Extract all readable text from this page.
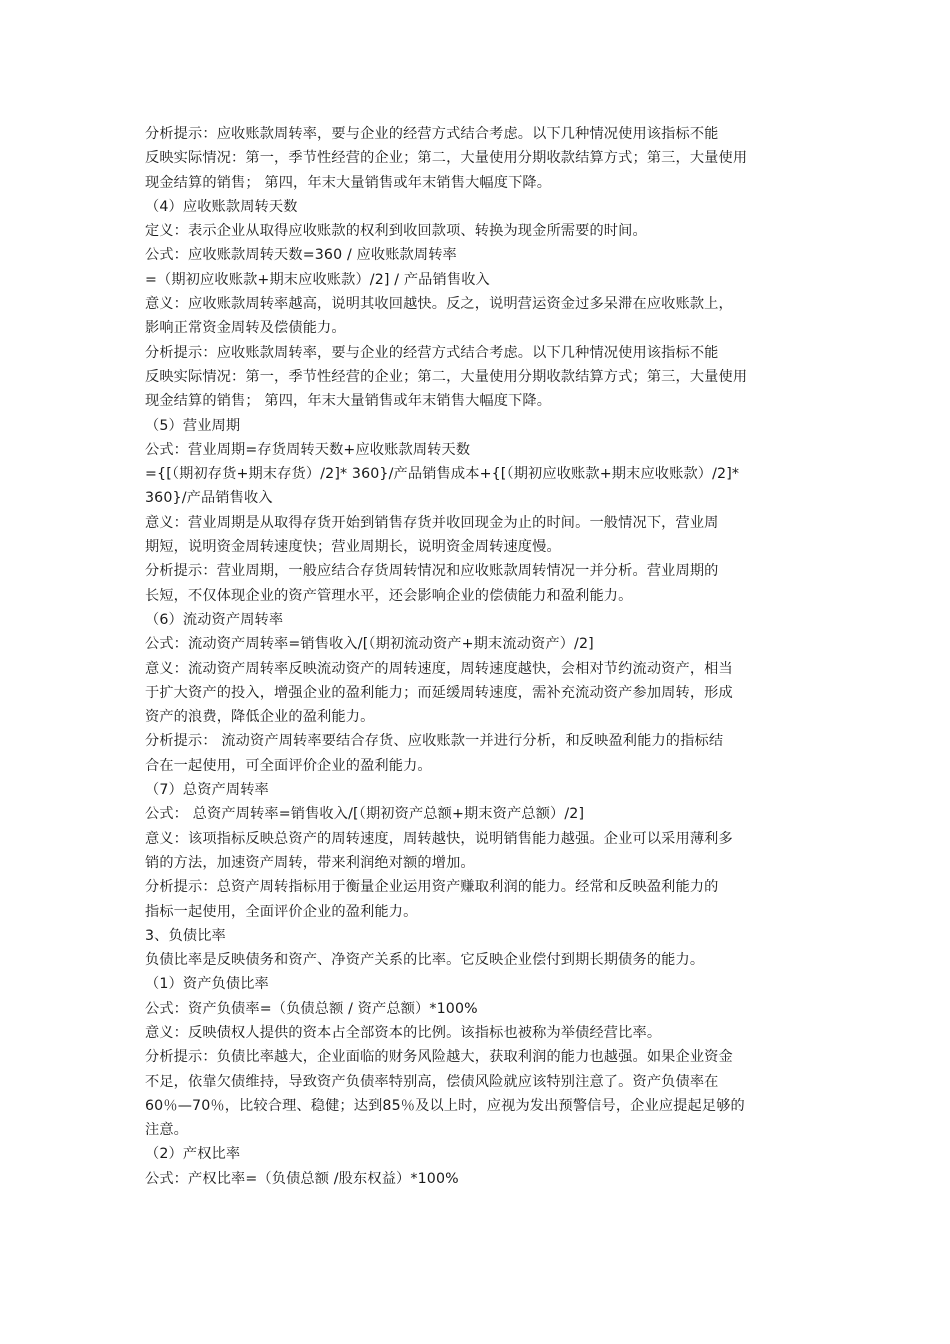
分析提示：应收账款周转率，要与企业的经营方式结合考虑。以下几种情况使用该指标不能
反映实际情况：第一，季节性经营的企业；第二，大量使用分期收款结算方式；第三，大量使用
现金结算的销售； 第四，年末大量销售或年末销售大幅度下降。
（4）应收账款周转天数
定义：表示企业从取得应收账款的权利到收回款项、转换为现金所需要的时间。
公式：应收账款周转天数=360 / 应收账款周转率
=（期初应收账款+期末应收账款）/2] / 产品销售收入
意义：应收账款周转率越高，说明其收回越快。反之，说明营运资金过多呆滞在应收账款上，
影响正常资金周转及偿债能力。
分析提示：应收账款周转率，要与企业的经营方式结合考虑。以下几种情况使用该指标不能
反映实际情况：第一，季节性经营的企业；第二，大量使用分期收款结算方式；第三，大量使用
现金结算的销售； 第四，年末大量销售或年末销售大幅度下降。
（5）营业周期
公式：营业周期=存货周转天数+应收账款周转天数
={[（期初存货+期末存货）/2]* 360}/产品销售成本+{[（期初应收账款+期末应收账款）/2]*
360}/产品销售收入
意义：营业周期是从取得存货开始到销售存货并收回现金为止的时间。一般情况下，营业周
期短，说明资金周转速度快；营业周期长，说明资金周转速度慢。
分析提示：营业周期，一般应结合存货周转情况和应收账款周转情况一并分析。营业周期的
长短，不仅体现企业的资产管理水平，还会影响企业的偿债能力和盈利能力。
（6）流动资产周转率
公式：流动资产周转率=销售收入/[（期初流动资产+期末流动资产）/2]
意义：流动资产周转率反映流动资产的周转速度，周转速度越快，会相对节约流动资产，相当
于扩大资产的投入，增强企业的盈利能力；而延缓周转速度，需补充流动资产参加周转，形成
资产的浪费，降低企业的盈利能力。
分析提示： 流动资产周转率要结合存货、应收账款一并进行分析，和反映盈利能力的指标结
合在一起使用，可全面评价企业的盈利能力。
（7）总资产周转率
公式： 总资产周转率=销售收入/[（期初资产总额+期末资产总额）/2]
意义：该项指标反映总资产的周转速度，周转越快，说明销售能力越强。企业可以采用薄利多
销的方法，加速资产周转，带来利润绝对额的增加。
分析提示：总资产周转指标用于衡量企业运用资产赚取利润的能力。经常和反映盈利能力的
指标一起使用，全面评价企业的盈利能力。
3、负债比率
负债比率是反映债务和资产、净资产关系的比率。它反映企业偿付到期长期债务的能力。
（1）资产负债比率
公式：资产负债率=（负债总额 / 资产总额）*100%
意义：反映债权人提供的资本占全部资本的比例。该指标也被称为举债经营比率。
分析提示：负债比率越大，企业面临的财务风险越大，获取利润的能力也越强。如果企业资金
不足，依靠欠债维持，导致资产负债率特别高，偿债风险就应该特别注意了。资产负债率在
60％—70％，比较合理、稳健；达到85％及以上时，应视为发出预警信号，企业应提起足够的
注意。
（2）产权比率
公式：产权比率=（负债总额 /股东权益）*100%
